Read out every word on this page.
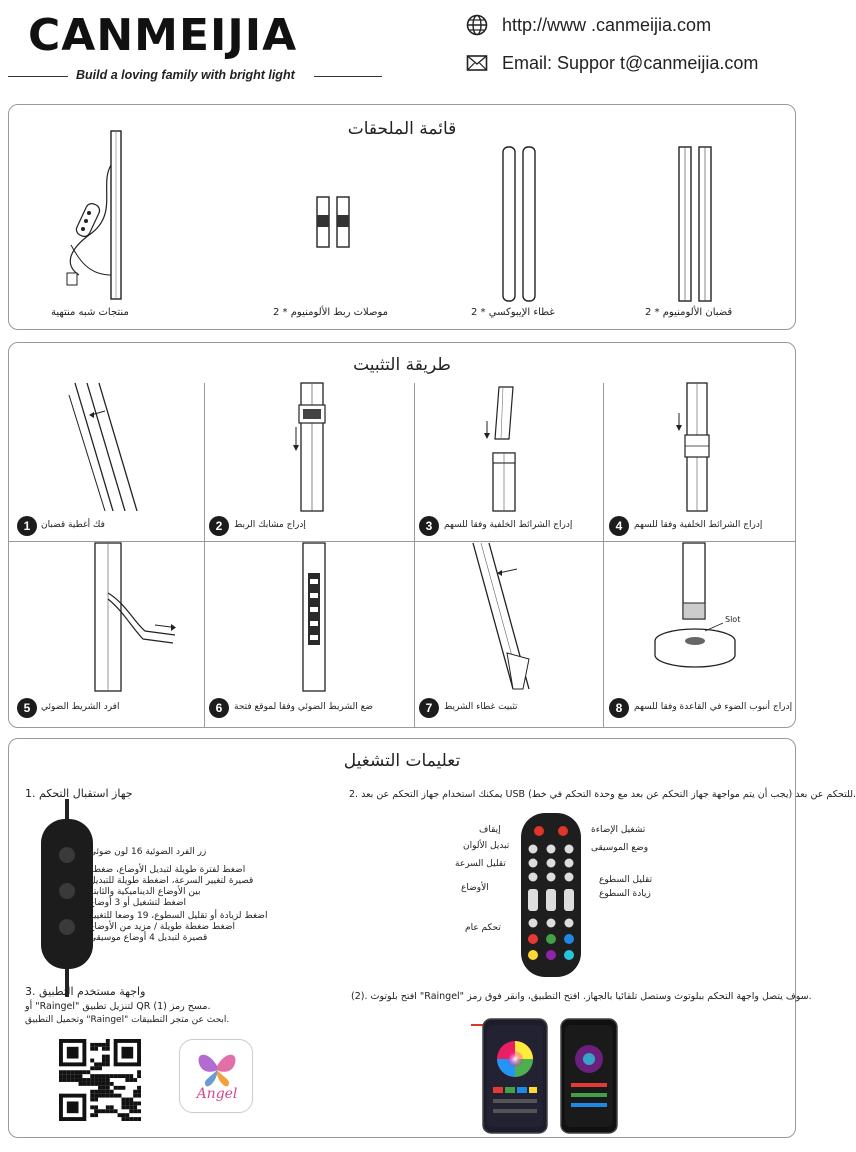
CANMEIJIA
Build a loving family with bright light
http://www .canmeijia.com
Email: Suppor t@canmeijia.com
قائمة الملحقات
منتجات شبه منتهية	2 * موصلات ربط الألومنيوم	2 * غطاء الإيبوكسي	2 * قضبان الألومنيوم
طريقة التثبيت
1	فك أغطية قضبان	2	إدراج مشابك الربط	3	إدراج الشرائط الخلفية وفقا للسهم	4	إدراج الشرائط الخلفية وفقا للسهم
5	افرد الشريط الضوئي	6	ضع الشريط الضوئي وفقا لموقع فتحة	7	تثبيت غطاء الشريط
Slot
8	إدراج أنبوب الضوء في القاعدة وفقا للسهم
تعليمات التشغيل
1. جهاز استقبال التحكم
زر الفرد الضوئية 16 لون ضوئي
اضغط لفترة طويلة لتبديل الأوضاع، ضغطة
قصيرة لتغيير السرعة، اضغطة طويلة للتبديل
بين الأوضاع الديناميكية والثابتة
اضغط لتشغيل أو 3 أوضاع
اضغط لزيادة أو تقليل السطوع، 19 وضعا للتغيير
اضغط ضغطة طويلة / مزيد من الأوضاع
قصيرة لتبديل 4 أوضاع موسيقى
2. يمكنك استخدام جهاز التحكم عن بعد USB للتحكم عن بعد (يجب أن يتم مواجهة جهاز التحكم عن بعد مع وحدة التحكم في خط).
إيقاف
تبديل الألوان
تقليل السرعة
الأوضاع
تحكم عام
تشغيل الإضاءة
وضع الموسيقى
تقليل السطوع
زيادة السطوع
3. واجهة مستخدم التطبيق
أو "Raingel" لتنزيل تطبيق QR مسح رمز (1).
وتحميل التطبيق "Raingel" ابحث عن متجر التطبيقات.
Angel
(2). افتح بلوتوث "Raingel" سوف يتصل واجهة التحكم ببلوتوث وستصل تلقائيا بالجهاز. افتح التطبيق، وانقر فوق رمز.
